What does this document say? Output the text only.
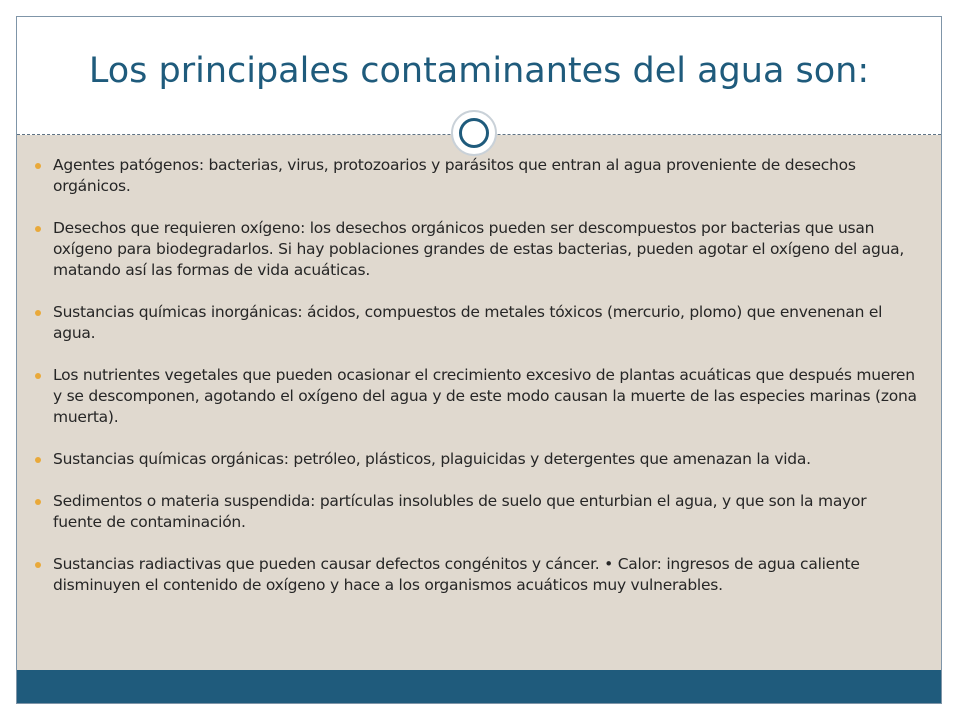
Los principales contaminantes del agua son:
Agentes patógenos: bacterias, virus, protozoarios y parásitos que entran al agua proveniente de desechos orgánicos.
Desechos que requieren oxígeno: los desechos orgánicos pueden ser descompuestos por bacterias que usan oxígeno para biodegradarlos. Si hay poblaciones grandes de estas bacterias, pueden agotar el oxígeno del agua, matando así las formas de vida acuáticas.
Sustancias químicas inorgánicas: ácidos, compuestos de metales tóxicos (mercurio, plomo) que envenenan el agua.
Los nutrientes vegetales que pueden ocasionar el crecimiento excesivo de plantas acuáticas que después mueren y se descomponen, agotando el oxígeno del agua y de este modo causan la muerte de las especies marinas (zona muerta).
Sustancias químicas orgánicas: petróleo, plásticos, plaguicidas y detergentes que amenazan la vida.
Sedimentos o materia suspendida: partículas insolubles de suelo que enturbian el agua, y que son la mayor fuente de contaminación.
Sustancias radiactivas que pueden causar defectos congénitos y cáncer. • Calor: ingresos de agua caliente disminuyen el contenido de oxígeno y hace a los organismos acuáticos muy vulnerables.
